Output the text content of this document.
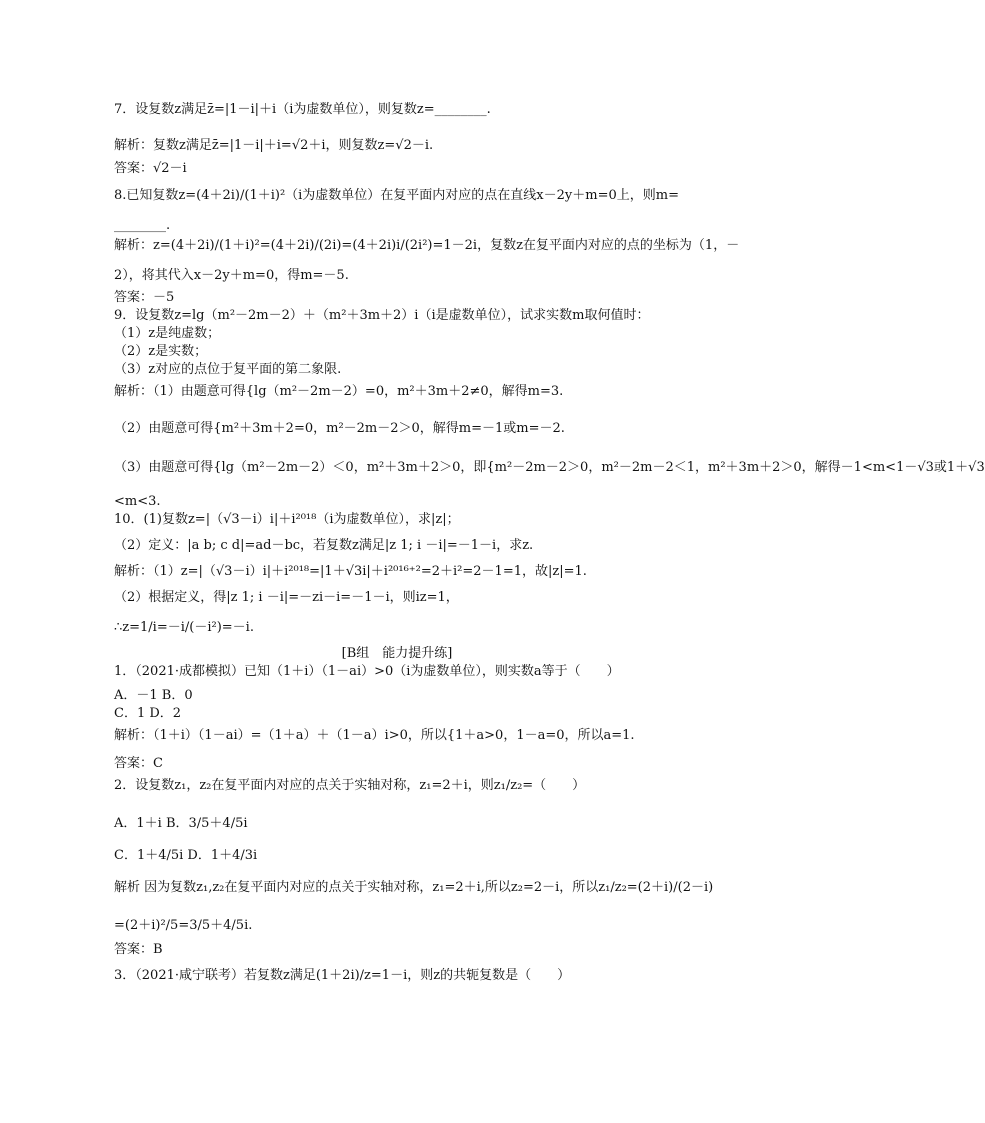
7．设复数z满足z̄=|1－i|＋i（i为虚数单位），则复数z=________.
解析：复数z满足z̄=|1－i|＋i=√2＋i，则复数z=√2－i.
答案：√2－i
8.已知复数z=(4＋2i)/(1＋i)²（i为虚数单位）在复平面内对应的点在直线x－2y＋m=0上，则m=
________.
解析：z=(4＋2i)/(1＋i)²=(4＋2i)/(2i)=(4＋2i)i/(2i²)=1－2i，复数z在复平面内对应的点的坐标为（1，－
2），将其代入x－2y＋m=0，得m=－5.
答案：－5
9．设复数z=lg（m²－2m－2）＋（m²＋3m＋2）i（i是虚数单位），试求实数m取何值时：
（1）z是纯虚数；
（2）z是实数；
（3）z对应的点位于复平面的第二象限.
解析：（1）由题意可得{lg（m²－2m－2）=0，m²＋3m＋2≠0，解得m=3.
（2）由题意可得{m²＋3m＋2=0，m²－2m－2＞0，解得m=－1或m=－2.
（3）由题意可得{lg（m²－2m－2）＜0，m²＋3m＋2＞0，即{m²－2m－2＞0，m²－2m－2＜1，m²＋3m＋2＞0，解得－1<m<1－√3或1＋√3
<m<3.
10．(1)复数z=|（√3－i）i|＋i²⁰¹⁸（i为虚数单位），求|z|；
（2）定义：|a b; c d|=ad－bc，若复数z满足|z 1; i －i|=－1－i，求z.
解析：（1）z=|（√3－i）i|＋i²⁰¹⁸=|1＋√3i|＋i²⁰¹⁶⁺²=2＋i²=2－1=1，故|z|=1.
（2）根据定义，得|z 1; i －i|=－zi－i=－1－i，则iz=1，
∴z=1/i=－i/(－i²)=－i.
A．－1 B．0
C．1 D．2
解析：（1＋i）（1－ai）=（1＋a）＋（1－a）i>0，所以{1＋a>0，1－a=0，所以a=1.
答案：C
2．设复数z₁，z₂在复平面内对应的点关于实轴对称，z₁=2＋i，则z₁/z₂=（　　）
A．1＋i B．3/5＋4/5i
C．1＋4/5i D．1＋4/3i
解析 因为复数z₁,z₂在复平面内对应的点关于实轴对称，z₁=2＋i,所以z₂=2－i，所以z₁/z₂=(2＋i)/(2－i)
=(2＋i)²/5=3/5＋4/5i.
答案：B
3．（2021·咸宁联考）若复数z满足(1＋2i)/z=1－i，则z的共轭复数是（　　）
[B组　能力提升练]
1．（2021·成都模拟）已知（1＋i）（1－ai）>0（i为虚数单位），则实数a等于（　　）
